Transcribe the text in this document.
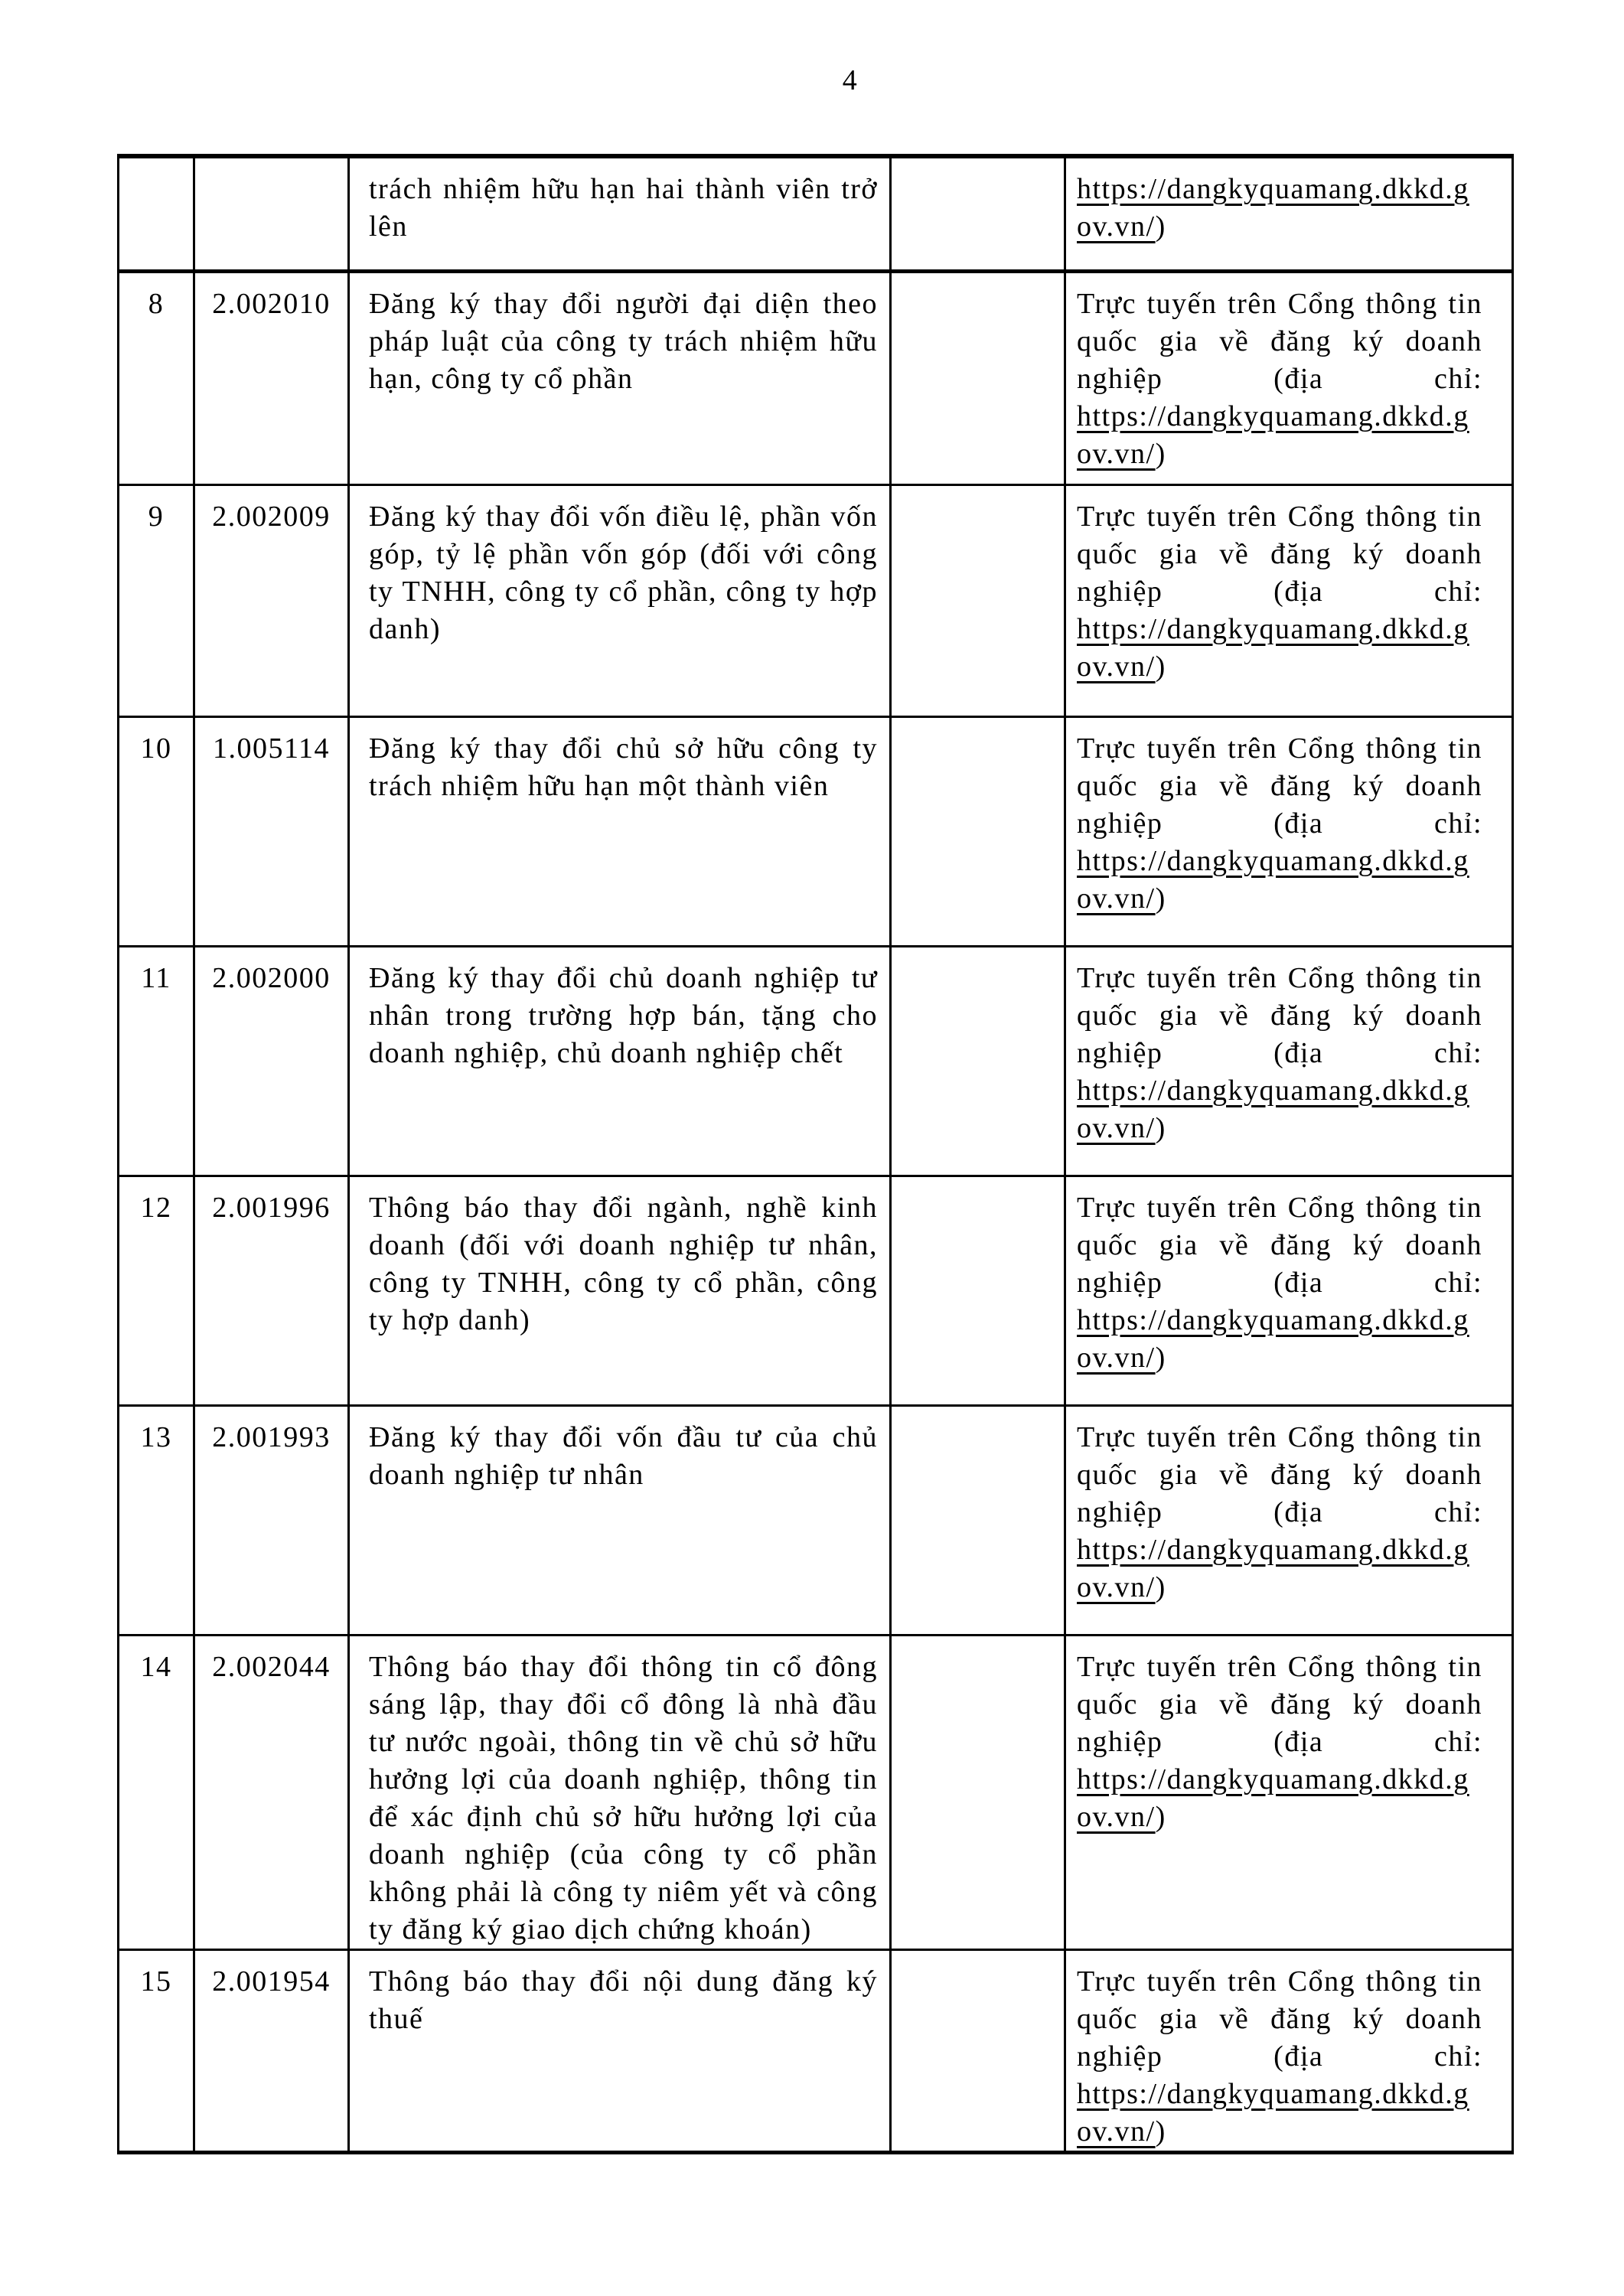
4
		trách nhiệm hữu hạn hai thành viên trở lên		https://dangkyquamang.dkkd.gov.vn/)
8	2.002010	Đăng ký thay đổi người đại diện theo pháp luật của công ty trách nhiệm hữu hạn, công ty cổ phần		Trực tuyến trên Cổng thông tin quốc gia về đăng ký doanh nghiệp (địa chỉ: https://dangkyquamang.dkkd.gov.vn/)
9	2.002009	Đăng ký thay đổi vốn điều lệ, phần vốn góp, tỷ lệ phần vốn góp (đối với công ty TNHH, công ty cổ phần, công ty hợp danh)		Trực tuyến trên Cổng thông tin quốc gia về đăng ký doanh nghiệp (địa chỉ: https://dangkyquamang.dkkd.gov.vn/)
10	1.005114	Đăng ký thay đổi chủ sở hữu công ty trách nhiệm hữu hạn một thành viên		Trực tuyến trên Cổng thông tin quốc gia về đăng ký doanh nghiệp (địa chỉ: https://dangkyquamang.dkkd.gov.vn/)
11	2.002000	Đăng ký thay đổi chủ doanh nghiệp tư nhân trong trường hợp bán, tặng cho doanh nghiệp, chủ doanh nghiệp chết		Trực tuyến trên Cổng thông tin quốc gia về đăng ký doanh nghiệp (địa chỉ: https://dangkyquamang.dkkd.gov.vn/)
12	2.001996	Thông báo thay đổi ngành, nghề kinh doanh (đối với doanh nghiệp tư nhân, công ty TNHH, công ty cổ phần, công ty hợp danh)		Trực tuyến trên Cổng thông tin quốc gia về đăng ký doanh nghiệp (địa chỉ: https://dangkyquamang.dkkd.gov.vn/)
13	2.001993	Đăng ký thay đổi vốn đầu tư của chủ doanh nghiệp tư nhân		Trực tuyến trên Cổng thông tin quốc gia về đăng ký doanh nghiệp (địa chỉ: https://dangkyquamang.dkkd.gov.vn/)
14	2.002044	Thông báo thay đổi thông tin cổ đông sáng lập, thay đổi cổ đông là nhà đầu tư nước ngoài, thông tin về chủ sở hữu hưởng lợi của doanh nghiệp, thông tin để xác định chủ sở hữu hưởng lợi của doanh nghiệp (của công ty cổ phần không phải là công ty niêm yết và công ty đăng ký giao dịch chứng khoán)		Trực tuyến trên Cổng thông tin quốc gia về đăng ký doanh nghiệp (địa chỉ: https://dangkyquamang.dkkd.gov.vn/)
15	2.001954	Thông báo thay đổi nội dung đăng ký thuế		Trực tuyến trên Cổng thông tin quốc gia về đăng ký doanh nghiệp (địa chỉ: https://dangkyquamang.dkkd.gov.vn/)
